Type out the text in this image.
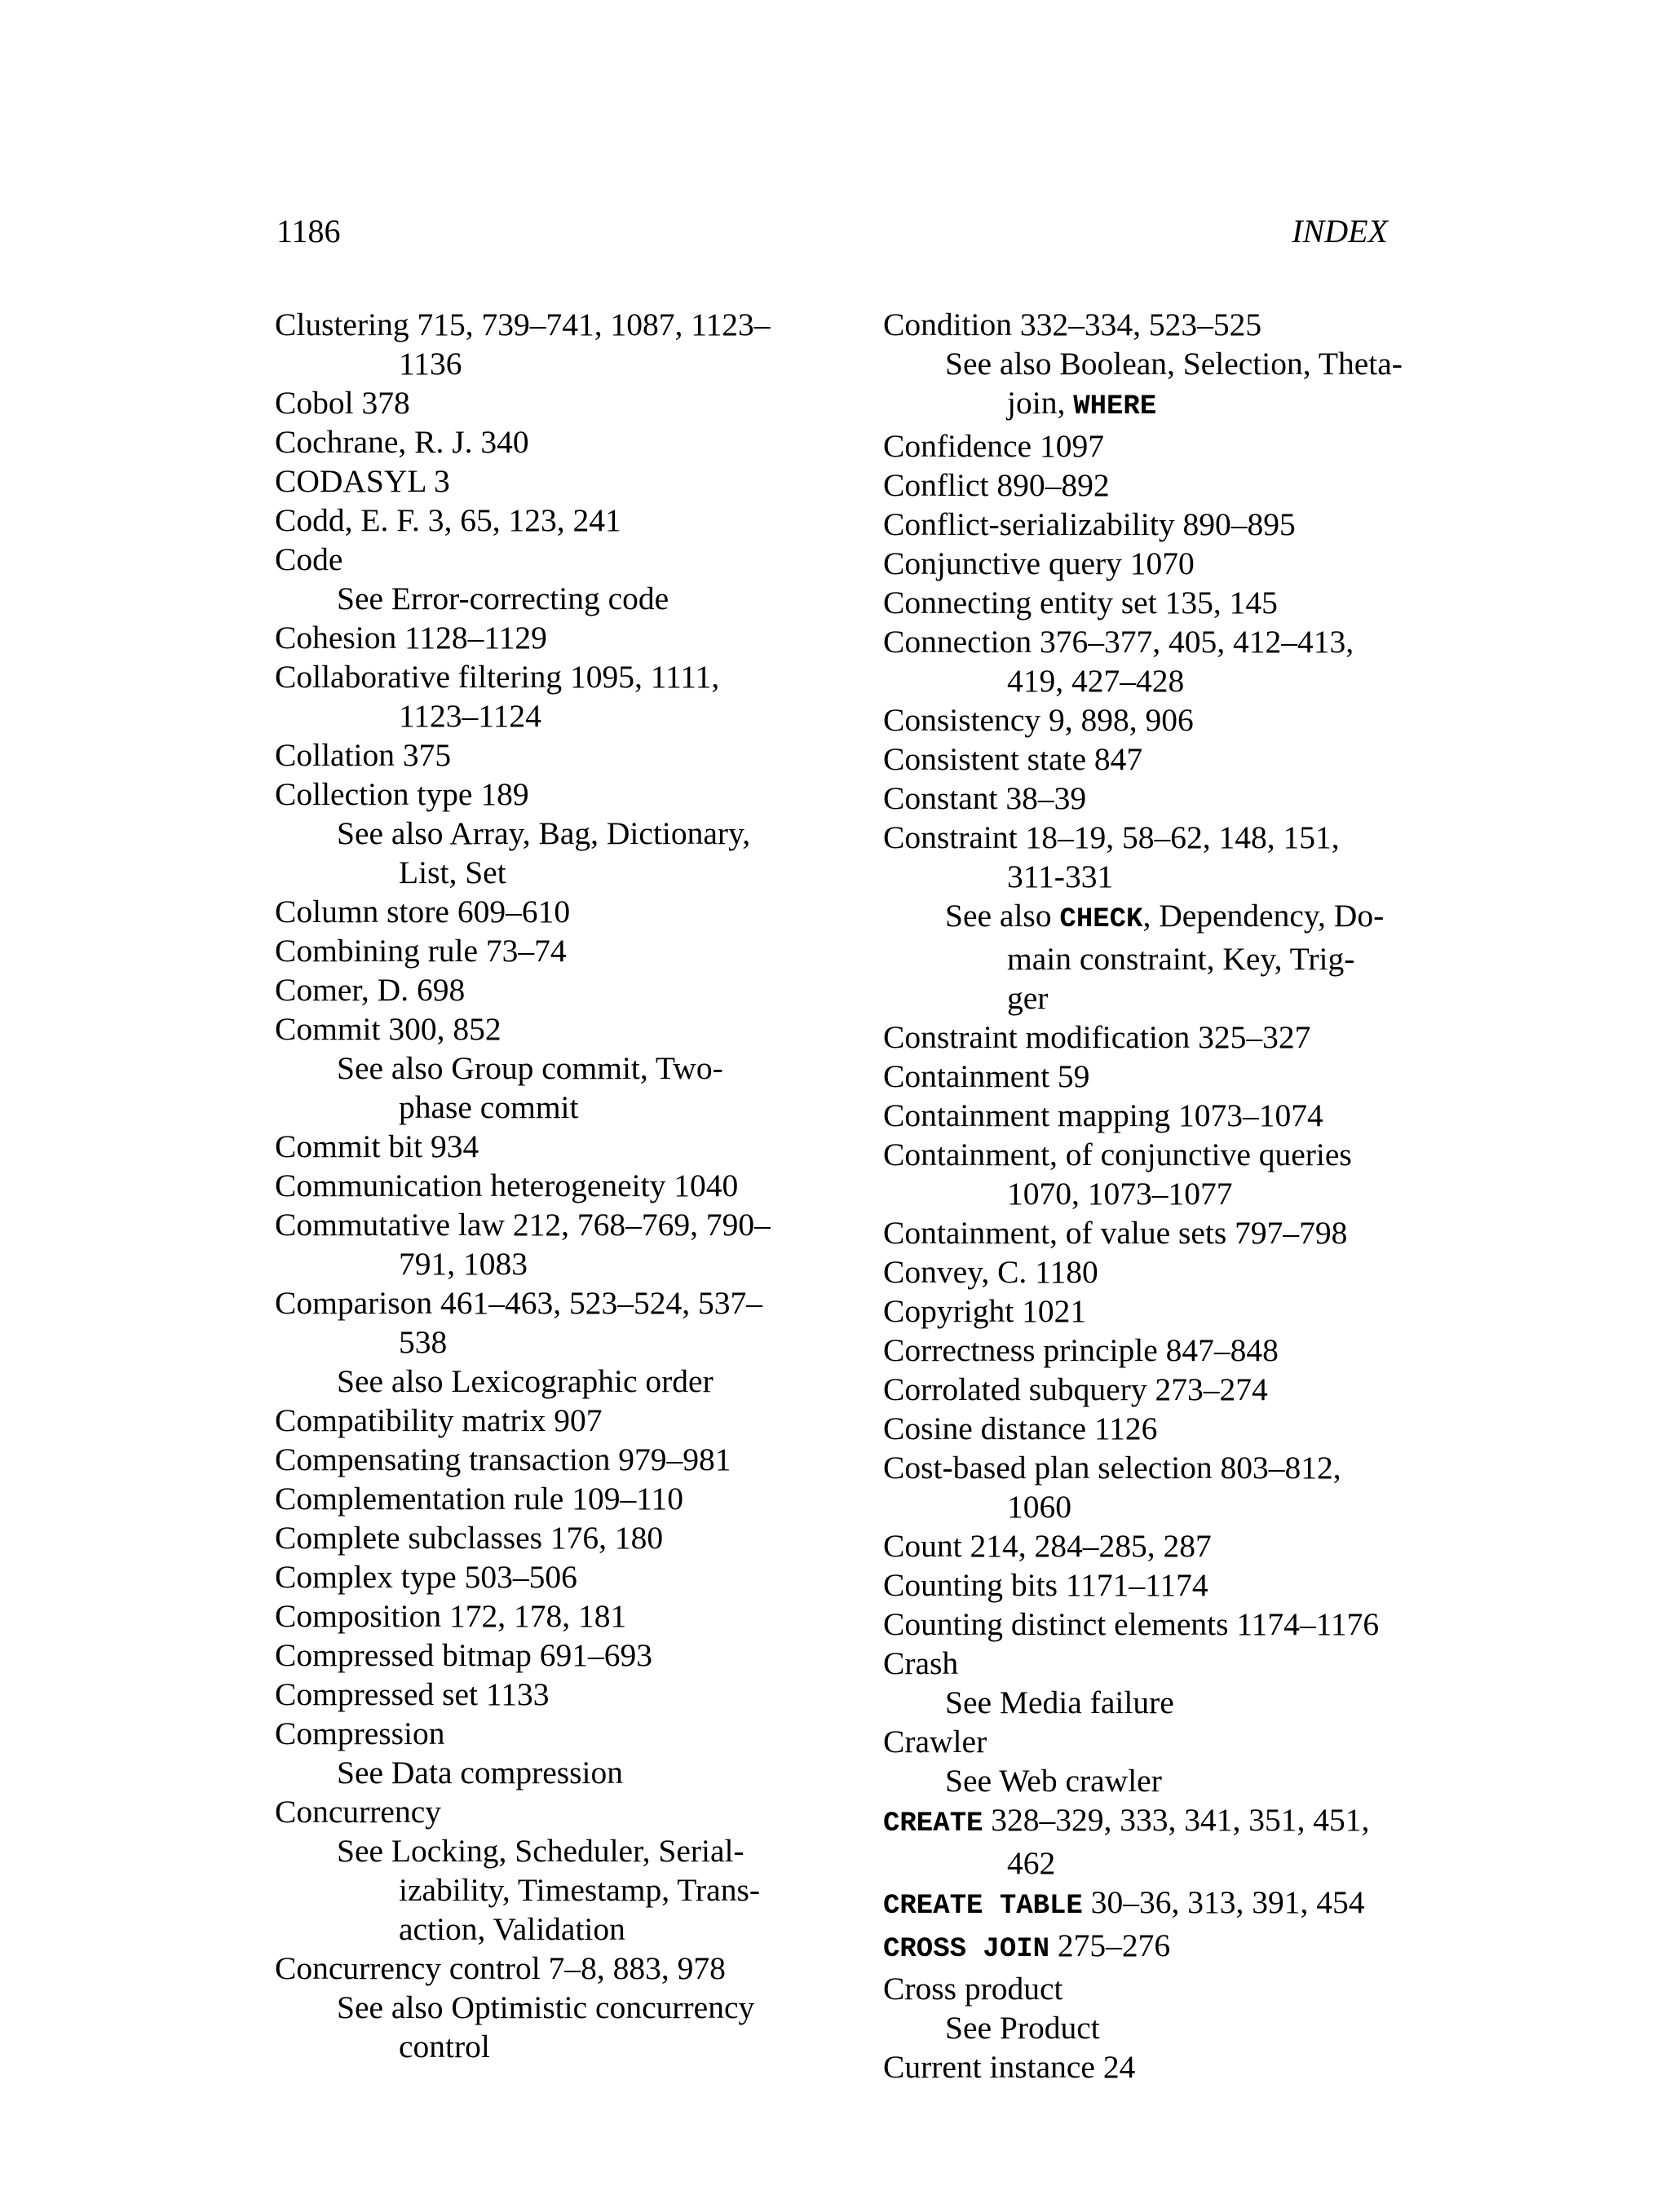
1186	INDEX
Clustering 715, 739–741, 1087, 1123–
1136
Cobol 378
Cochrane, R. J. 340
CODASYL 3
Codd, E. F. 3, 65, 123, 241
Code
See Error-correcting code
Cohesion 1128–1129
Collaborative filtering 1095, 1111,
1123–1124
Collation 375
Collection type 189
See also Array, Bag, Dictionary,
List, Set
Column store 609–610
Combining rule 73–74
Comer, D. 698
Commit 300, 852
See also Group commit, Two-
phase commit
Commit bit 934
Communication heterogeneity 1040
Commutative law 212, 768–769, 790–
791, 1083
Comparison 461–463, 523–524, 537–
538
See also Lexicographic order
Compatibility matrix 907
Compensating transaction 979–981
Complementation rule 109–110
Complete subclasses 176, 180
Complex type 503–506
Composition 172, 178, 181
Compressed bitmap 691–693
Compressed set 1133
Compression
See Data compression
Concurrency
See Locking, Scheduler, Serial-
izability, Timestamp, Trans-
action, Validation
Concurrency control 7–8, 883, 978
See also Optimistic concurrency
control
Condition 332–334, 523–525
See also Boolean, Selection, Theta-
join, WHERE
Confidence 1097
Conflict 890–892
Conflict-serializability 890–895
Conjunctive query 1070
Connecting entity set 135, 145
Connection 376–377, 405, 412–413,
419, 427–428
Consistency 9, 898, 906
Consistent state 847
Constant 38–39
Constraint 18–19, 58–62, 148, 151,
311-331
See also CHECK, Dependency, Do-
main constraint, Key, Trig-
ger
Constraint modification 325–327
Containment 59
Containment mapping 1073–1074
Containment, of conjunctive queries
1070, 1073–1077
Containment, of value sets 797–798
Convey, C. 1180
Copyright 1021
Correctness principle 847–848
Corrolated subquery 273–274
Cosine distance 1126
Cost-based plan selection 803–812,
1060
Count 214, 284–285, 287
Counting bits 1171–1174
Counting distinct elements 1174–1176
Crash
See Media failure
Crawler
See Web crawler
CREATE 328–329, 333, 341, 351, 451,
462
CREATE TABLE 30–36, 313, 391, 454
CROSS JOIN 275–276
Cross product
See Product
Current instance 24
